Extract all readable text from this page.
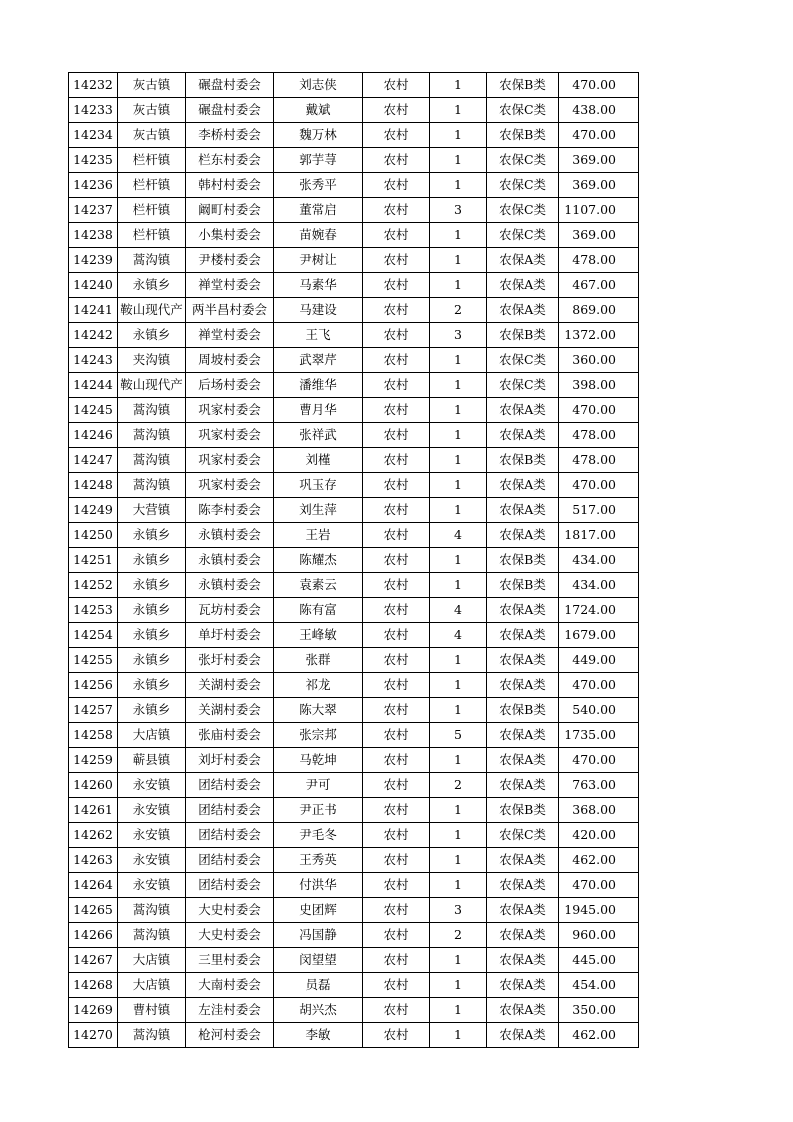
14232	灰古镇	碾盘村委会	刘志侠	农村	1	农保B类	470.00
14233	灰古镇	碾盘村委会	戴斌	农村	1	农保C类	438.00
14234	灰古镇	李桥村委会	魏万林	农村	1	农保B类	470.00
14235	栏杆镇	栏东村委会	郭芋荨	农村	1	农保C类	369.00
14236	栏杆镇	韩村村委会	张秀平	农村	1	农保C类	369.00
14237	栏杆镇	阚町村委会	董常启	农村	3	农保C类	1107.00
14238	栏杆镇	小集村委会	苗婉春	农村	1	农保C类	369.00
14239	蒿沟镇	尹楼村委会	尹树让	农村	1	农保A类	478.00
14240	永镇乡	禅堂村委会	马素华	农村	1	农保A类	467.00
14241	鞍山现代产	两半昌村委会	马建设	农村	2	农保A类	869.00
14242	永镇乡	禅堂村委会	王飞	农村	3	农保B类	1372.00
14243	夹沟镇	周坡村委会	武翠芹	农村	1	农保C类	360.00
14244	鞍山现代产	后场村委会	潘维华	农村	1	农保C类	398.00
14245	蒿沟镇	巩家村委会	曹月华	农村	1	农保A类	470.00
14246	蒿沟镇	巩家村委会	张祥武	农村	1	农保A类	478.00
14247	蒿沟镇	巩家村委会	刘槿	农村	1	农保B类	478.00
14248	蒿沟镇	巩家村委会	巩玉存	农村	1	农保A类	470.00
14249	大营镇	陈李村委会	刘生萍	农村	1	农保A类	517.00
14250	永镇乡	永镇村委会	王岩	农村	4	农保A类	1817.00
14251	永镇乡	永镇村委会	陈耀杰	农村	1	农保B类	434.00
14252	永镇乡	永镇村委会	袁素云	农村	1	农保B类	434.00
14253	永镇乡	瓦坊村委会	陈有富	农村	4	农保A类	1724.00
14254	永镇乡	单圩村委会	王峰敏	农村	4	农保A类	1679.00
14255	永镇乡	张圩村委会	张群	农村	1	农保A类	449.00
14256	永镇乡	关湖村委会	祁龙	农村	1	农保A类	470.00
14257	永镇乡	关湖村委会	陈大翠	农村	1	农保B类	540.00
14258	大店镇	张庙村委会	张宗邦	农村	5	农保A类	1735.00
14259	蕲县镇	刘圩村委会	马乾坤	农村	1	农保A类	470.00
14260	永安镇	团结村委会	尹可	农村	2	农保A类	763.00
14261	永安镇	团结村委会	尹正书	农村	1	农保B类	368.00
14262	永安镇	团结村委会	尹毛冬	农村	1	农保C类	420.00
14263	永安镇	团结村委会	王秀英	农村	1	农保A类	462.00
14264	永安镇	团结村委会	付洪华	农村	1	农保A类	470.00
14265	蒿沟镇	大史村委会	史团辉	农村	3	农保A类	1945.00
14266	蒿沟镇	大史村委会	冯国静	农村	2	农保A类	960.00
14267	大店镇	三里村委会	闵望望	农村	1	农保A类	445.00
14268	大店镇	大南村委会	员磊	农村	1	农保A类	454.00
14269	曹村镇	左洼村委会	胡兴杰	农村	1	农保A类	350.00
14270	蒿沟镇	枪河村委会	李敏	农村	1	农保A类	462.00
